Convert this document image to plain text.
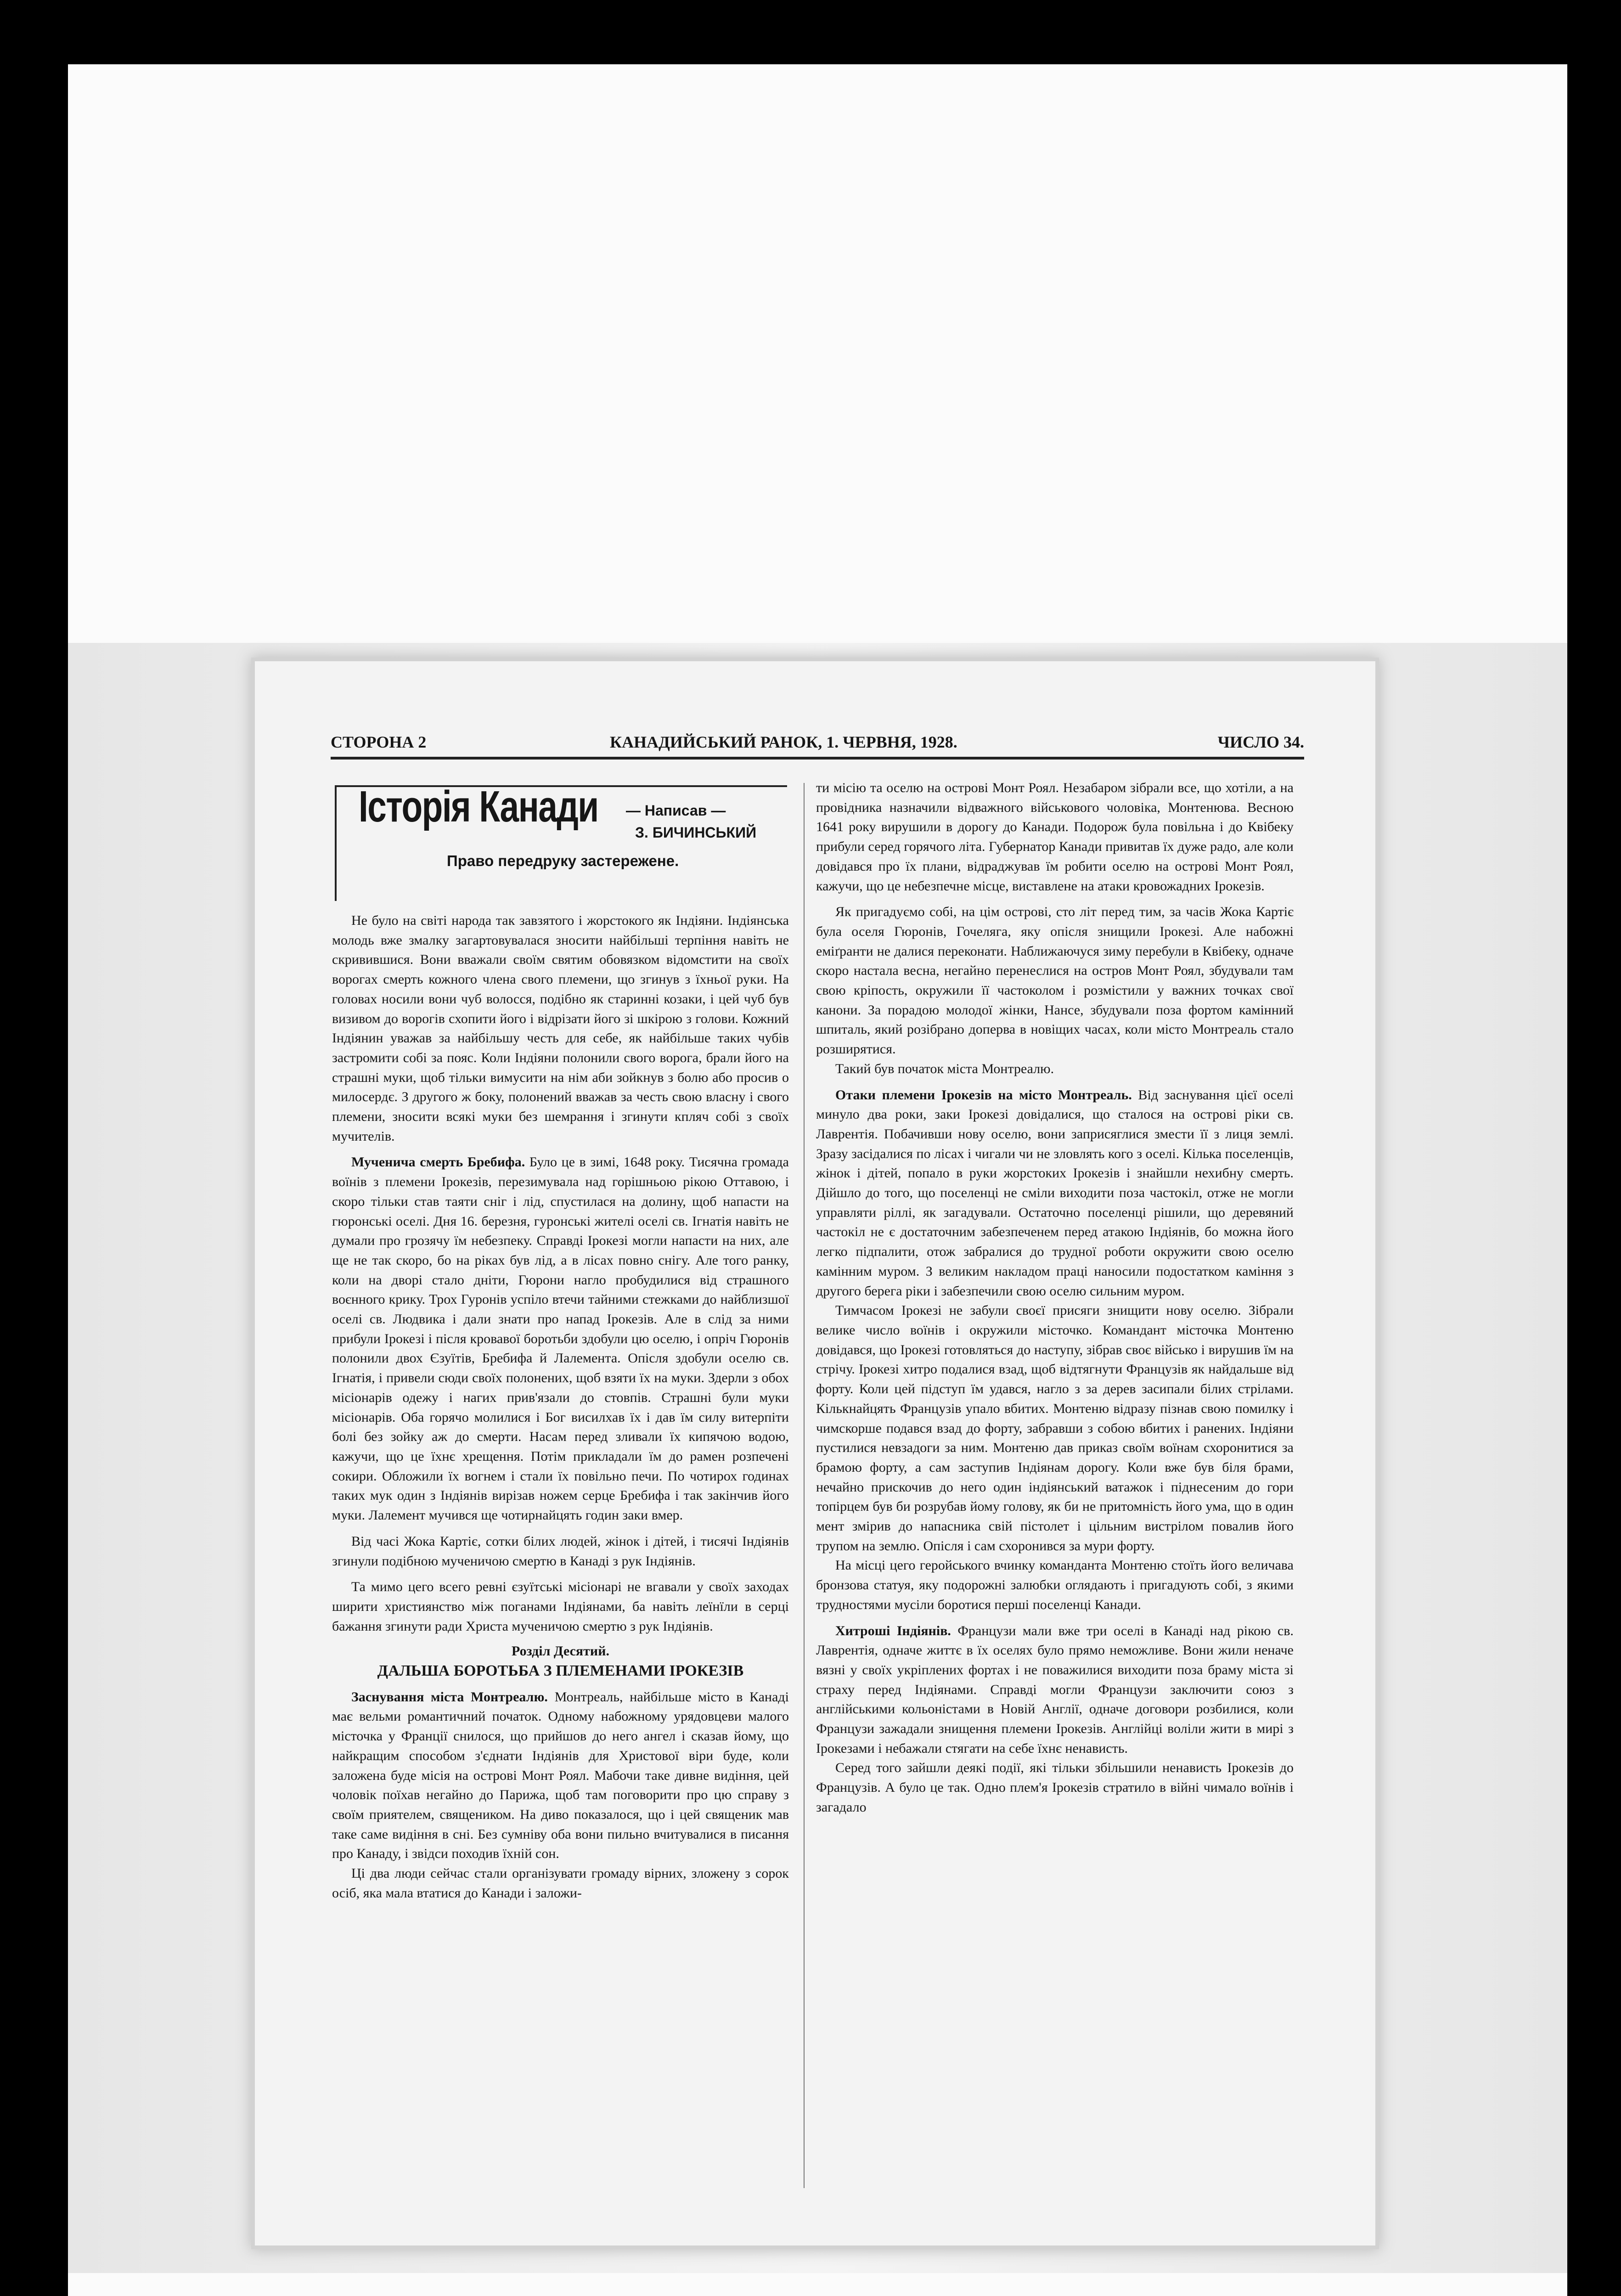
СТОРОНА 2	КАНАДИЙСЬКИЙ РАНОК, 1. ЧЕРВНЯ, 1928.	ЧИСЛО 34.
Історія Канади — Написав —
З. БИЧИНСЬКИЙ
Право передруку застережене.

Не було на світі народа так завзятого і жорстокого як Індіяни. Індіянська молодь вже змалку загартовувалася зносити найбільші терпіння навіть не скривившися. Вони вважали своїм святим обовязком відомстити на своїх ворогах смерть кожного члена свого племени, що згинув з їхньої руки. На головах носили вони чуб волосся, подібно як старинні козаки, і цей чуб був визивом до ворогів схопити його і відрізати його зі шкірою з голови. Кожний Індіянин уважав за найбільшу честь для себе, як найбільше таких чубів застромити собі за пояс. Коли Індіяни полонили свого ворога, брали його на страшні муки, щоб тільки вимусити на нім аби зойкнув з болю або просив о милосердє. З другого ж боку, полонений вважав за честь свою власну і свого племени, зносити всякі муки без шемрання і згинути кпляч собі з своїх мучителів.

Мученича смерть Бребифа. Було це в зимі, 1648 року. Тисячна громада воїнів з племени Ірокезів, перезимувала над горішньою рікою Оттавою, і скоро тільки став таяти сніг і лід, спустилася на долину, щоб напасти на гюронські оселі. Дня 16. березня, гуронські жителі оселі св. Ігнатія навіть не думали про грозячу їм небезпеку. Справді Ірокезі могли напасти на них, але ще не так скоро, бо на ріках був лід, а в лісах повно снігу. Але того ранку, коли на дворі стало дніти, Гюрони нагло пробудилися від страшного воєнного крику. Трох Гуронів успіло втечи тайними стежками до найблизшої оселі св. Людвика і дали знати про напад Ірокезів. Але в слід за ними прибули Ірокезі і після кровавої боротьби здобули цю оселю, і опріч Гюронів полонили двох Єзуїтів, Бребифа й Лалемента. Опісля здобули оселю св. Ігнатія, і привели сюди своїх полонених, щоб взяти їх на муки. Здерли з обох місіонарів одежу і нагих прив'язали до стовпів. Страшні були муки місіонарів. Оба горячо молилися і Бог висилхав їх і дав їм силу витерпіти болі без зойку аж до смерти. Насам перед зливали їх кипячою водою, кажучи, що це їхнє хрещення. Потім прикладали їм до рамен розпечені сокири. Обложили їх вогнем і стали їх повільно печи. По чотирох годинах таких мук один з Індіянів вирізав ножем серце Бребифа і так закінчив його муки. Лалемент мучився ще чотирнайцять годин заки вмер.

Від часі Жока Картіє, сотки білих людей, жінок і дітей, і тисячі Індіянів згинули подібною мученичою смертю в Канаді з рук Індіянів.

Та мимо цего всего ревні єзуїтські місіонарі не вгавали у своїх заходах ширити християнство між поганами Індіянами, ба навіть леїнїли в серці бажання згинути ради Христа мученичою смертю з рук Індіянів.

Розділ Десятий.

ДАЛЬША БОРОТЬБА З ПЛЕМЕНАМИ ІРОКЕЗІВ

Заснування міста Монтреалю. Монтреаль, найбільше місто в Канаді має вельми романтичний початок. Одному набожному урядовцеви малого місточка у Франції снилося, що прийшов до него ангел і сказав йому, що найкращим способом з'єднати Індіянів для Христової віри буде, коли заложена буде місія на острові Монт Роял. Мабочи таке дивне видіння, цей чоловік поїхав негайно до Парижа, щоб там поговорити про цю справу з своїм приятелем, священиком. На диво показалося, що і цей священик мав таке саме видіння в сні. Без сумніву оба вони пильно вчитувалися в писання про Канаду, і звідси походив їхній сон.

Ці два люди сейчас стали організувати громаду вірних, зложену з сорок осіб, яка мала втатися до Канади і заложи-

ти місію та оселю на острові Монт Роял. Незабаром зібрали все, що хотіли, а на провідника назначили відважного військового чоловіка, Монтенюва. Весною 1641 року вирушили в дорогу до Канади. Подорож була повільна і до Квібеку прибули серед горячого літа. Губернатор Канади привитав їх дуже радо, але коли довідався про їх плани, відраджував їм робити оселю на острові Монт Роял, кажучи, що це небезпечне місце, виставлене на атаки кровожадних Ірокезів.

Як пригадуємо собі, на цім острові, сто літ перед тим, за часів Жока Картіє була оселя Гюронів, Гочеляга, яку опісля знищили Ірокезі. Але набожні еміґранти не далися переконати. Наближаючуся зиму перебули в Квібеку, одначе скоро настала весна, негайно перенеслися на остров Монт Роял, збудували там свою кріпость, окружили її частоколом і розмістили у важних точках свої канони. За порадою молодої жінки, Нансе, збудували поза фортом камінний шпиталь, який розібрано доперва в новіщих часах, коли місто Монтреаль стало розширятися.

Такий був початок міста Монтреалю.

Отаки племени Ірокезів на місто Монтреаль. Від заснування цієї оселі минуло два роки, заки Ірокезі довідалися, що сталося на острові ріки св. Лаврентія. Побачивши нову оселю, вони заприсяглися змести її з лиця землі. Зразу засідалися по лісах і чигали чи не зловлять кого з оселі. Кілька поселенців, жінок і дітей, попало в руки жорстоких Ірокезів і знайшли нехибну смерть. Дійшло до того, що поселенці не сміли виходити поза частокіл, отже не могли управляти ріллі, як загадували. Остаточно поселенці рішили, що деревяний частокіл не є достаточним забезпеченем перед атакою Індіянів, бо можна його легко підпалити, отож забралися до трудної роботи окружити свою оселю камінним муром. З великим накладом праці наносили подостатком каміння з другого берега ріки і забезпечили свою оселю сильним муром.

Тимчасом Ірокезі не забули своєї присяги знищити нову оселю. Зібрали велике число воїнів і окружили місточко. Командант місточка Монтеню довідався, що Ірокезі готовляться до наступу, зібрав своє військо і вирушив їм на стрічу. Ірокезі хитро подалися взад, щоб відтягнути Французів як найдальше від форту. Коли цей підступ їм удався, нагло з за дерев засипали білих стрілами. Кількнайцять Французів упало вбитих. Монтеню відразу пізнав свою помилку і чимскорше подався взад до форту, забравши з собою вбитих і ранених. Індіяни пустилися невзадоги за ним. Монтеню дав приказ своїм воїнам схоронитися за брамою форту, а сам заступив Індіянам дорогу. Коли вже був біля брами, нечайно прискочив до него один індіянський ватажок і піднесеним до гори топірцем був би розрубав йому голову, як би не притомність його ума, що в один мент змірив до напасника свій пістолет і цільним вистрілом повалив його трупом на землю. Опісля і сам схоронився за мури форту.

На місці цего геройського вчинку команданта Монтеню стоїть його величава бронзова статуя, яку подорожні залюбки оглядають і пригадують собі, з якими трудностями мусіли боротися перші поселенці Канади.

Хитроші Індіянів. Французи мали вже три оселі в Канаді над рікою св. Лаврентія, одначе життє в їх оселях було прямо неможливе. Вони жили неначе вязні у своїх укріплених фортах і не поважилися виходити поза браму міста зі страху перед Індіянами. Справді могли Французи заключити союз з англійськими кольоністами в Новій Англії, одначе договори розбилися, коли Французи зажадали знищення племени Ірокезів. Англійці воліли жити в мирі з Ірокезами і небажали стягати на себе їхнє ненависть.

Серед того зайшли деякі події, які тільки збільшили ненависть Ірокезів до Французів. А було це так. Одно плем'я Ірокезів стратило в війні чимало воїнів і загадало
